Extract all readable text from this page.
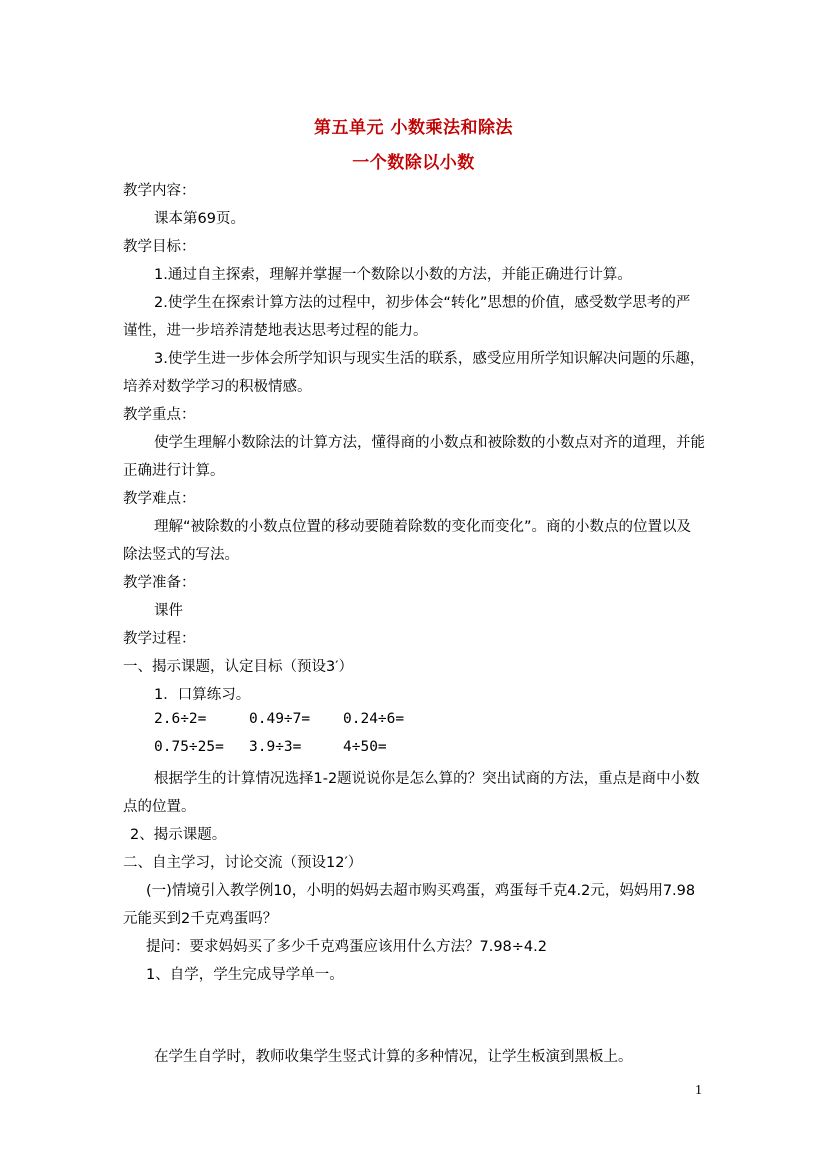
第五单元 小数乘法和除法
一个数除以小数
教学内容：
课本第69页。
教学目标：
1.通过自主探索，理解并掌握一个数除以小数的方法，并能正确进行计算。
2.使学生在探索计算方法的过程中，初步体会“转化”思想的价值，感受数学思考的严
谨性，进一步培养清楚地表达思考过程的能力。
3.使学生进一步体会所学知识与现实生活的联系，感受应用所学知识解决问题的乐趣，
培养对数学学习的积极情感。
教学重点：
使学生理解小数除法的计算方法，懂得商的小数点和被除数的小数点对齐的道理，并能
正确进行计算。
教学难点：
理解“被除数的小数点位置的移动要随着除数的变化而变化”。商的小数点的位置以及
除法竖式的写法。
教学准备：
课件
教学过程：
一、揭示课题，认定目标（预设3′）
1．口算练习。
2.6÷2=	0.49÷7= 0.24÷6=
0.75÷25= 3.9÷3=	4÷50=
根据学生的计算情况选择1-2题说说你是怎么算的？突出试商的方法，重点是商中小数
点的位置。
2、揭示课题。
二、自主学习，讨论交流（预设12′）
(一)情境引入教学例10，小明的妈妈去超市购买鸡蛋，鸡蛋每千克4.2元，妈妈用7.98
元能买到2千克鸡蛋吗？
提问：要求妈妈买了多少千克鸡蛋应该用什么方法？7.98÷4.2
1、自学，学生完成导学单一。
在学生自学时，教师收集学生竖式计算的多种情况，让学生板演到黑板上。
1
